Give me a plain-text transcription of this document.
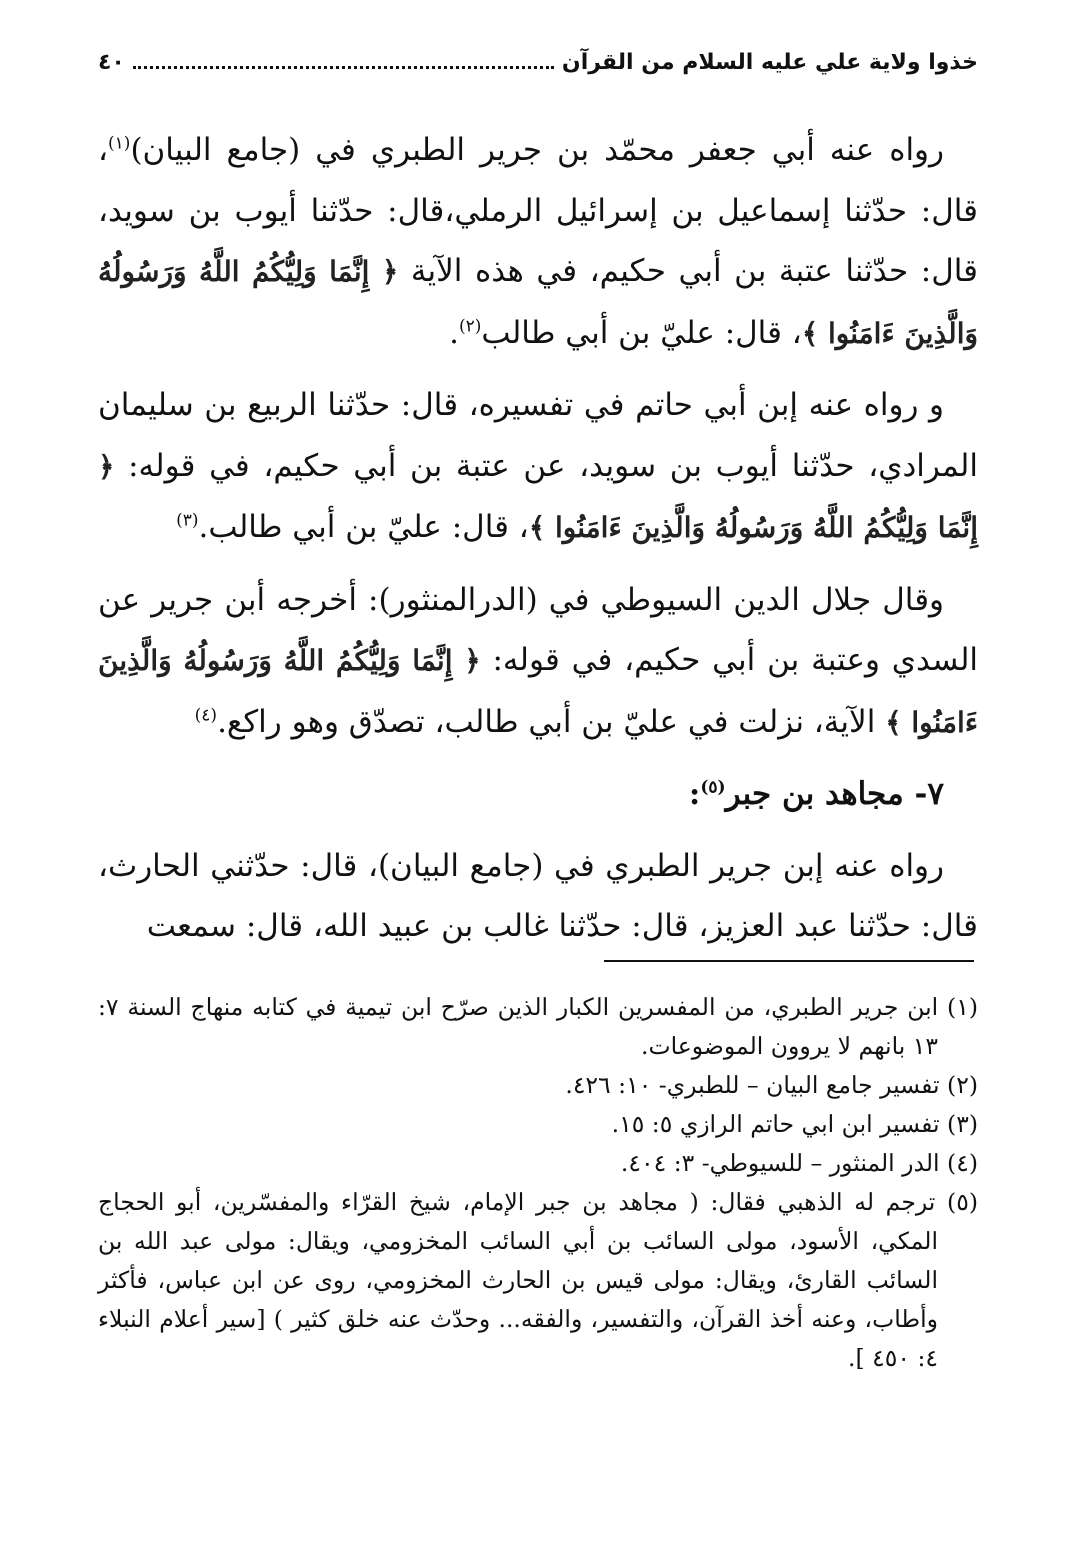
خذوا ولاية علي عليه السلام من القرآن
٤٠

رواه عنه أبي جعفر محمّد بن جرير الطبري في (جامع البيان)$^{(١)}$، قال: حدّثنا إسماعيل بن إسرائيل الرملي،قال: حدّثنا أيوب بن سويد، قال: حدّثنا عتبة بن أبي حكيم، في هذه الآية ﴿ إِنَّمَا وَلِيُّكُمُ اللَّهُ وَرَسُولُهُ وَالَّذِينَ ءَامَنُوا ﴾، قال: عليّ بن أبي طالب$^{(٢)}$.

و رواه عنه إبن أبي حاتم في تفسيره، قال: حدّثنا الربيع بن سليمان المرادي، حدّثنا أيوب بن سويد، عن عتبة بن أبي حكيم، في قوله: ﴿ إِنَّمَا وَلِيُّكُمُ اللَّهُ وَرَسُولُهُ وَالَّذِينَ ءَامَنُوا ﴾، قال: عليّ بن أبي طالب.$^{(٣)}$

وقال جلال الدين السيوطي في (الدرالمنثور): أخرجه أبن جرير عن السدي وعتبة بن أبي حكيم، في قوله: ﴿ إِنَّمَا وَلِيُّكُمُ اللَّهُ وَرَسُولُهُ وَالَّذِينَ ءَامَنُوا ﴾ الآية، نزلت في عليّ بن أبي طالب، تصدّق وهو راكع.$^{(٤)}$

٧- مجاهد بن جبر$^{(٥)}$:

رواه عنه إبن جرير الطبري في (جامع البيان)، قال: حدّثني الحارث، قال: حدّثنا عبد العزيز، قال: حدّثنا غالب بن عبيد الله، قال: سمعت

(١) ابن جرير الطبري، من المفسرين الكبار الذين صرّح ابن تيمية في كتابه منهاج السنة ٧: ١٣ بانهم لا يروون الموضوعات.

(٢) تفسير جامع البيان – للطبري- ١٠: ٤٢٦.

(٣) تفسير ابن ابي حاتم الرازي ٥: ١٥.

(٤) الدر المنثور – للسيوطي- ٣: ٤٠٤.

(٥) ترجم له الذهبي فقال: ( مجاهد بن جبر الإمام، شيخ القرّاء والمفسّرين، أبو الحجاج المكي، الأسود، مولى السائب بن أبي السائب المخزومي، ويقال: مولى عبد الله بن السائب القارئ، ويقال: مولى قيس بن الحارث المخزومي، روى عن ابن عباس، فأكثر وأطاب، وعنه أخذ القرآن، والتفسير، والفقه... وحدّث عنه خلق كثير ) [سير أعلام النبلاء ٤: ٤٥٠ ].
